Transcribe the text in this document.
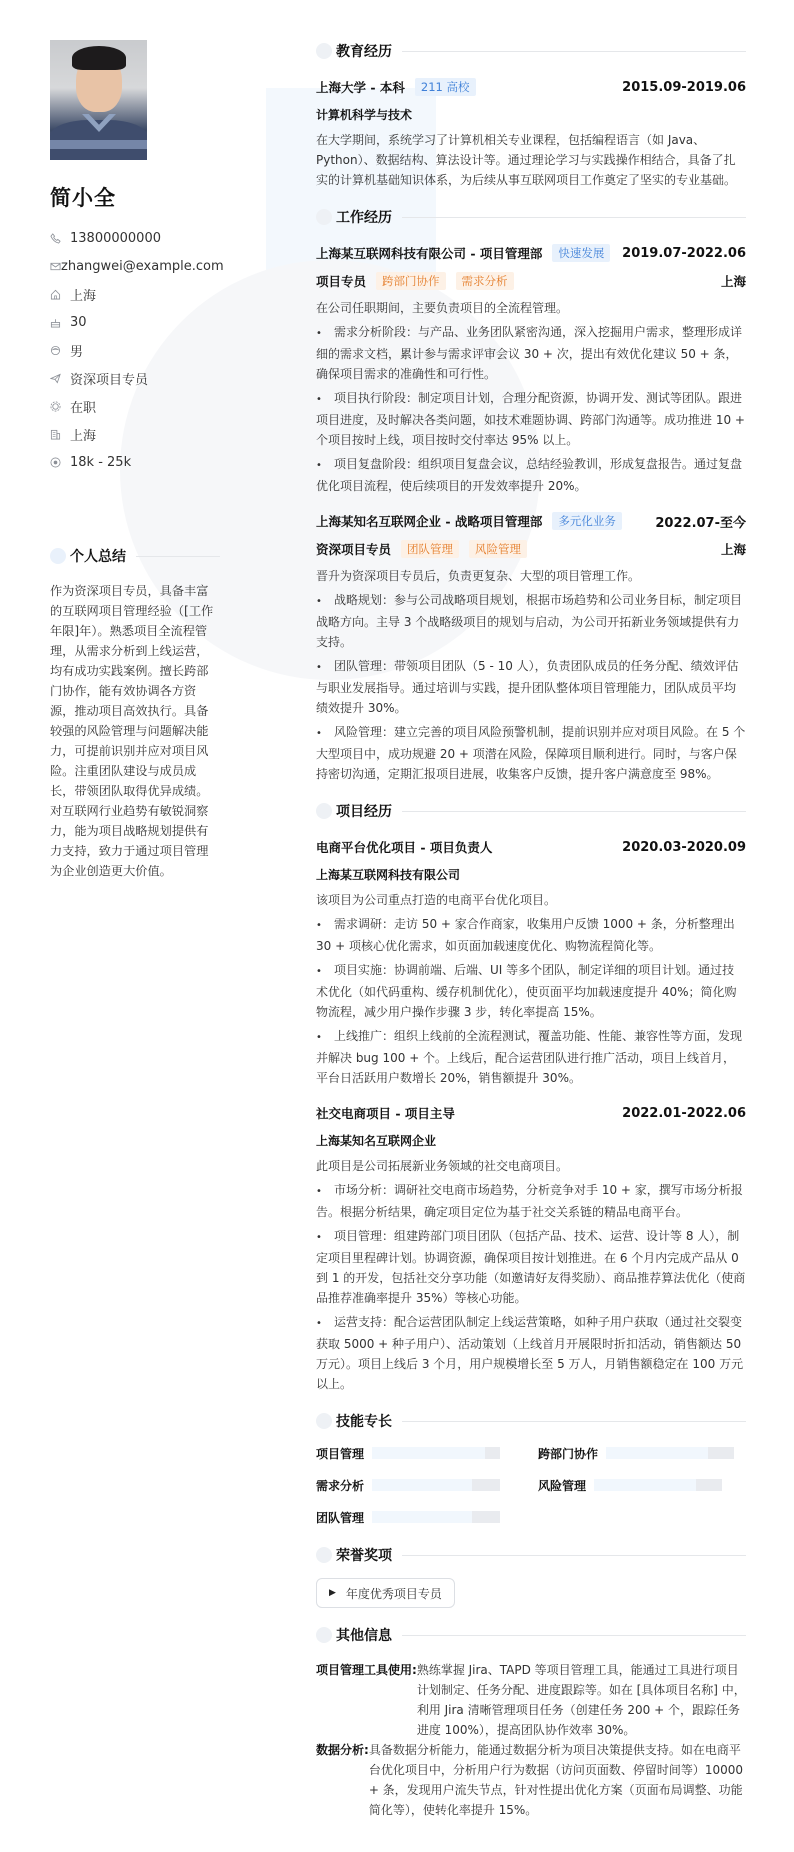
简小全
13800000000
zhangwei@example.com
上海
30
男
资深项目专员
在职
上海
18k - 25k
个人总结
作为资深项目专员，具备丰富的互联网项目管理经验（[工作年限]年）。熟悉项目全流程管理，从需求分析到上线运营，均有成功实践案例。擅长跨部门协作，能有效协调各方资源，推动项目高效执行。具备较强的风险管理与问题解决能力，可提前识别并应对项目风险。注重团队建设与成员成长，带领团队取得优异成绩。对互联网行业趋势有敏锐洞察力，能为项目战略规划提供有力支持，致力于通过项目管理为企业创造更大价值。
教育经历
上海大学 - 本科	211 高校	2015.09-2019.06
计算机科学与技术
在大学期间，系统学习了计算机相关专业课程，包括编程语言（如 Java、Python）、数据结构、算法设计等。通过理论学习与实践操作相结合，具备了扎实的计算机基础知识体系，为后续从事互联网项目工作奠定了坚实的专业基础。
工作经历
上海某互联网科技有限公司 - 项目管理部	快速发展	2019.07-2022.06
项目专员	跨部门协作	需求分析	上海
在公司任职期间，主要负责项目的全流程管理。
• 需求分析阶段：与产品、业务团队紧密沟通，深入挖掘用户需求，整理形成详细的需求文档，累计参与需求评审会议 30 + 次，提出有效优化建议 50 + 条，确保项目需求的准确性和可行性。
• 项目执行阶段：制定项目计划，合理分配资源，协调开发、测试等团队。跟进项目进度，及时解决各类问题，如技术难题协调、跨部门沟通等。成功推进 10 + 个项目按时上线，项目按时交付率达 95% 以上。
• 项目复盘阶段：组织项目复盘会议，总结经验教训，形成复盘报告。通过复盘优化项目流程，使后续项目的开发效率提升 20%。
上海某知名互联网企业 - 战略项目管理部	多元化业务	2022.07-至今
资深项目专员	团队管理	风险管理	上海
晋升为资深项目专员后，负责更复杂、大型的项目管理工作。
• 战略规划：参与公司战略项目规划，根据市场趋势和公司业务目标，制定项目战略方向。主导 3 个战略级项目的规划与启动，为公司开拓新业务领域提供有力支持。
• 团队管理：带领项目团队（5 - 10 人），负责团队成员的任务分配、绩效评估与职业发展指导。通过培训与实践，提升团队整体项目管理能力，团队成员平均绩效提升 30%。
• 风险管理：建立完善的项目风险预警机制，提前识别并应对项目风险。在 5 个大型项目中，成功规避 20 + 项潜在风险，保障项目顺利进行。同时，与客户保持密切沟通，定期汇报项目进展，收集客户反馈，提升客户满意度至 98%。
项目经历
电商平台优化项目 - 项目负责人	2020.03-2020.09
上海某互联网科技有限公司
该项目为公司重点打造的电商平台优化项目。
• 需求调研：走访 50 + 家合作商家，收集用户反馈 1000 + 条，分析整理出 30 + 项核心优化需求，如页面加载速度优化、购物流程简化等。
• 项目实施：协调前端、后端、UI 等多个团队，制定详细的项目计划。通过技术优化（如代码重构、缓存机制优化），使页面平均加载速度提升 40%；简化购物流程，减少用户操作步骤 3 步，转化率提高 15%。
• 上线推广：组织上线前的全流程测试，覆盖功能、性能、兼容性等方面，发现并解决 bug 100 + 个。上线后，配合运营团队进行推广活动，项目上线首月，平台日活跃用户数增长 20%，销售额提升 30%。
社交电商项目 - 项目主导	2022.01-2022.06
上海某知名互联网企业
此项目是公司拓展新业务领域的社交电商项目。
• 市场分析：调研社交电商市场趋势，分析竞争对手 10 + 家，撰写市场分析报告。根据分析结果，确定项目定位为基于社交关系链的精品电商平台。
• 项目管理：组建跨部门项目团队（包括产品、技术、运营、设计等 8 人），制定项目里程碑计划。协调资源，确保项目按计划推进。在 6 个月内完成产品从 0 到 1 的开发，包括社交分享功能（如邀请好友得奖励）、商品推荐算法优化（使商品推荐准确率提升 35%）等核心功能。
• 运营支持：配合运营团队制定上线运营策略，如种子用户获取（通过社交裂变获取 5000 + 种子用户）、活动策划（上线首月开展限时折扣活动，销售额达 50 万元）。项目上线后 3 个月，用户规模增长至 5 万人，月销售额稳定在 100 万元以上。
技能专长
项目管理	跨部门协作
需求分析	风险管理
团队管理
荣誉奖项
▶ 年度优秀项目专员
其他信息
项目管理工具使用: 熟练掌握 Jira、TAPD 等项目管理工具，能通过工具进行项目计划制定、任务分配、进度跟踪等。如在 [具体项目名称] 中，利用 Jira 清晰管理项目任务（创建任务 200 + 个，跟踪任务进度 100%），提高团队协作效率 30%。
数据分析: 具备数据分析能力，能通过数据分析为项目决策提供支持。如在电商平台优化项目中，分析用户行为数据（访问页面数、停留时间等）10000 + 条，发现用户流失节点，针对性提出优化方案（页面布局调整、功能简化等），使转化率提升 15%。
